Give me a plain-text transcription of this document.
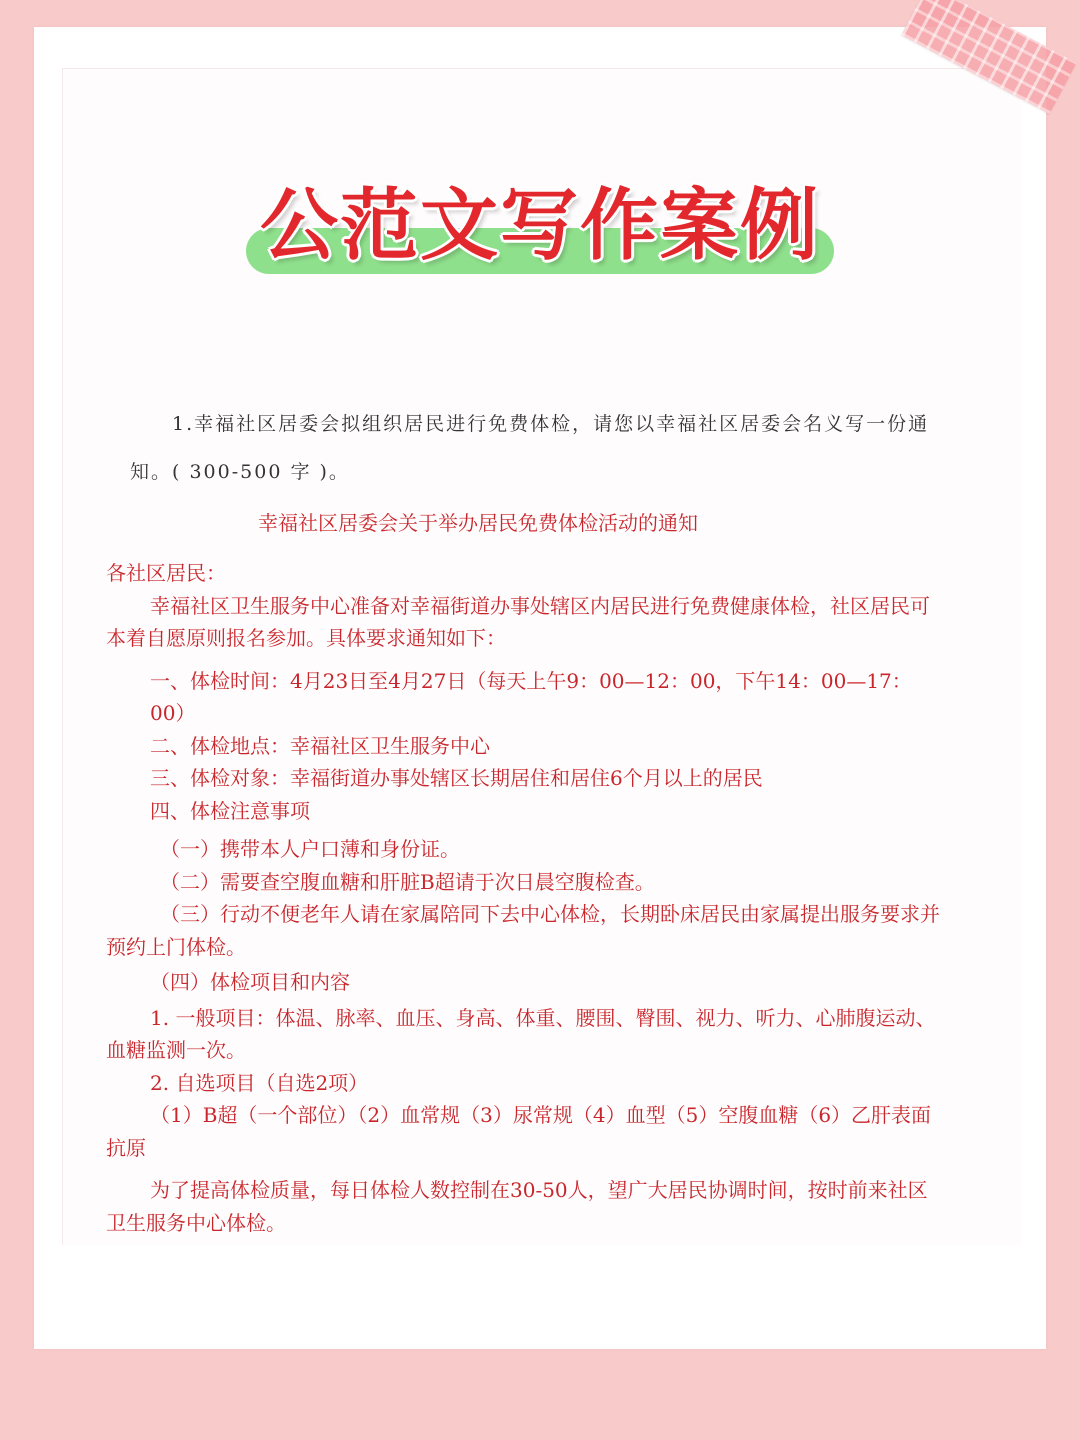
公范文写作案例
1.幸福社区居委会拟组织居民进行免费体检，请您以幸福社区居委会名义写一份通
知。( 300-500 字 )。
幸福社区居委会关于举办居民免费体检活动的通知

各社区居民：

幸福社区卫生服务中心准备对幸福街道办事处辖区内居民进行免费健康体检，社区居民可本着自愿原则报名参加。具体要求通知如下：

一、体检时间：4月23日至4月27日（每天上午9：00—12：00，下午14：00—17：00）

二、体检地点：幸福社区卫生服务中心

三、体检对象：幸福街道办事处辖区长期居住和居住6个月以上的居民

四、体检注意事项

（一）携带本人户口薄和身份证。

（二）需要查空腹血糖和肝脏B超请于次日晨空腹检查。

（三）行动不便老年人请在家属陪同下去中心体检，长期卧床居民由家属提出服务要求并预约上门体检。

（四）体检项目和内容

1. 一般项目：体温、脉率、血压、身高、体重、腰围、臀围、视力、听力、心肺腹运动、血糖监测一次。

2. 自选项目（自选2项）

（1）B超（一个部位）（2）血常规（3）尿常规（4）血型（5）空腹血糖（6）乙肝表面抗原

为了提高体检质量，每日体检人数控制在30-50人，望广大居民协调时间，按时前来社区卫生服务中心体检。
